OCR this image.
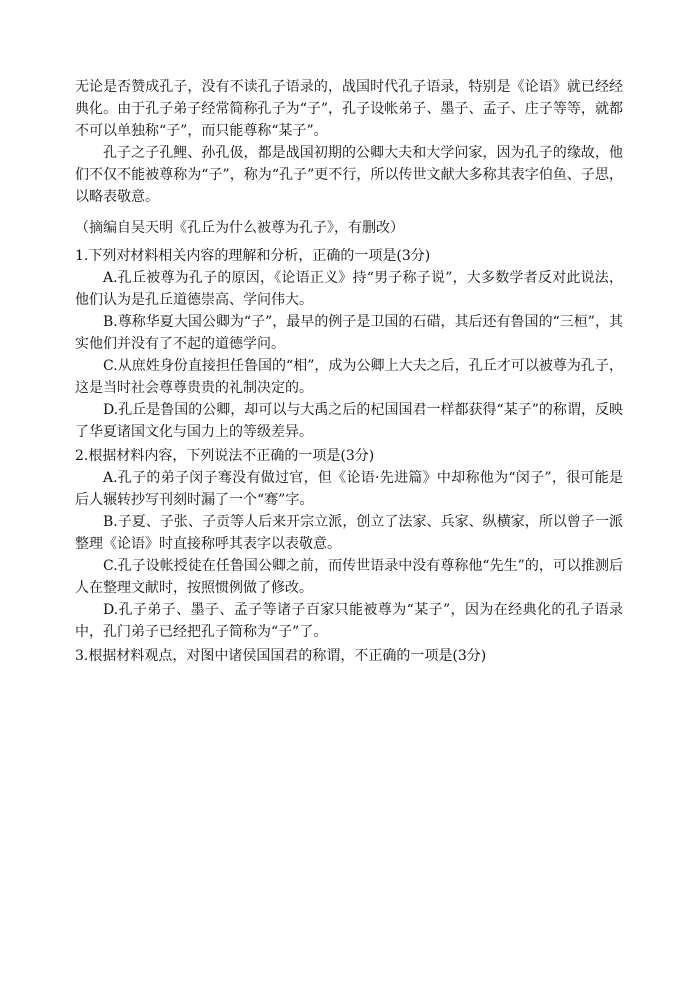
无论是否赞成孔子，没有不读孔子语录的，战国时代孔子语录，特别是《论语》就已经经典化。由于孔子弟子经常简称孔子为“子”，孔子设帐弟子、墨子、孟子、庄子等等，就都不可以单独称“子”，而只能尊称“某子”。

孔子之子孔鲤、孙孔伋，都是战国初期的公卿大夫和大学问家，因为孔子的缘故，他们不仅不能被尊称为“子”，称为“孔子”更不行，所以传世文献大多称其表字伯鱼、子思，以略表敬意。

（摘编自吴天明《孔丘为什么被尊为孔子》，有删改）

1.下列对材料相关内容的理解和分析，正确的一项是(3分)

A.孔丘被尊为孔子的原因，《论语正义》持“男子称子说”，大多数学者反对此说法，他们认为是孔丘道德崇高、学问伟大。

B.尊称华夏大国公卿为“子”，最早的例子是卫国的石碏，其后还有鲁国的“三桓”，其实他们并没有了不起的道德学问。

C.从庶姓身份直接担任鲁国的“相”，成为公卿上大夫之后，孔丘才可以被尊为孔子，这是当时社会尊尊贵贵的礼制决定的。

D.孔丘是鲁国的公卿，却可以与大禹之后的杞国国君一样都获得“某子”的称谓，反映了华夏诸国文化与国力上的等级差异。

2.根据材料内容，下列说法不正确的一项是(3分)

A.孔子的弟子闵子骞没有做过官，但《论语·先进篇》中却称他为“闵子”，很可能是后人辗转抄写刊刻时漏了一个“骞”字。

B.子夏、子张、子贡等人后来开宗立派，创立了法家、兵家、纵横家，所以曾子一派整理《论语》时直接称呼其表字以表敬意。

C.孔子设帐授徒在任鲁国公卿之前，而传世语录中没有尊称他“先生”的，可以推测后人在整理文献时，按照惯例做了修改。

D.孔子弟子、墨子、孟子等诸子百家只能被尊为“某子”，因为在经典化的孔子语录中，孔门弟子已经把孔子简称为“子”了。

3.根据材料观点，对图中诸侯国国君的称谓，不正确的一项是(3分)
